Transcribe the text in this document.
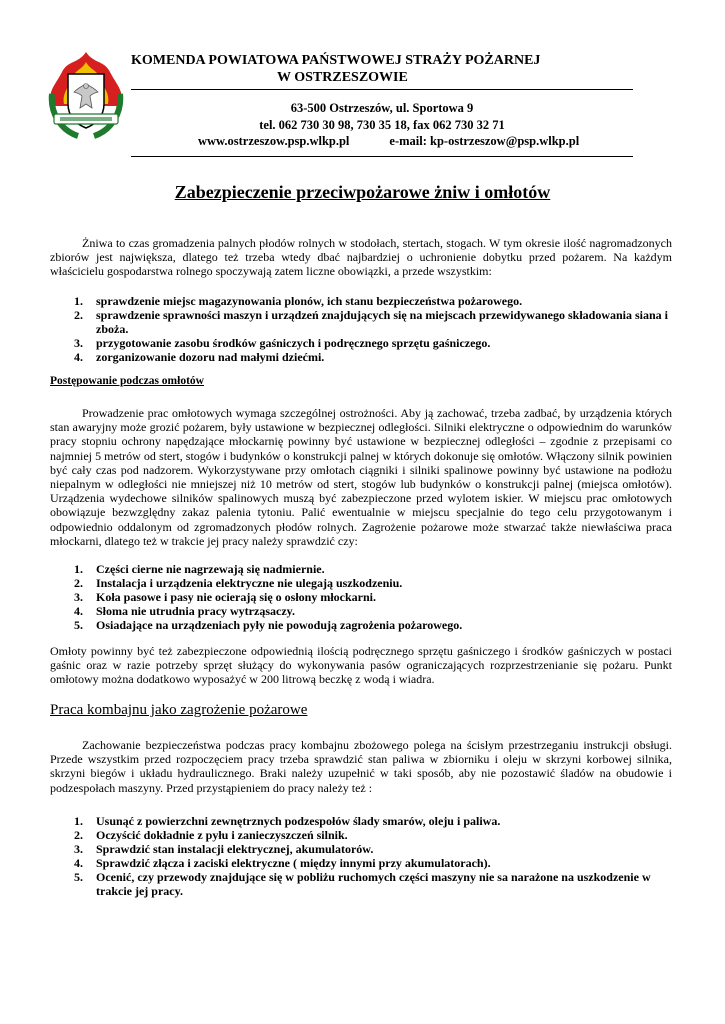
KOMENDA POWIATOWA PAŃSTWOWEJ STRAŻY POŻARNEJ
W OSTRZESZOWIE

63-500 Ostrzeszów, ul. Sportowa 9

tel. 062 730 30 98, 730 35 18, fax 062 730 32 71

www.ostrzeszow.psp.wlkp.pl	e-mail: kp-ostrzeszow@psp.wlkp.pl

Zabezpieczenie przeciwpożarowe żniw i omłotów

Żniwa to czas gromadzenia palnych płodów rolnych w stodołach, stertach, stogach. W tym okresie ilość nagromadzonych zbiorów jest największa, dlatego też trzeba wtedy dbać najbardziej o uchronienie dobytku przed pożarem. Na każdym właścicielu gospodarstwa rolnego spoczywają zatem liczne obowiązki, a przede wszystkim:

1. sprawdzenie miejsc magazynowania plonów, ich stanu bezpieczeństwa pożarowego.
2. sprawdzenie sprawności maszyn i urządzeń znajdujących się na miejscach przewidywanego składowania siana i zboża.
3. przygotowanie zasobu środków gaśniczych i podręcznego sprzętu gaśniczego.
4. zorganizowanie dozoru nad małymi dziećmi.
Postępowanie podczas omłotów

Prowadzenie prac omłotowych wymaga szczególnej ostrożności. Aby ją zachować, trzeba zadbać, by urządzenia których stan awaryjny może grozić pożarem, były ustawione w bezpiecznej odległości. Silniki elektryczne o odpowiednim do warunków pracy stopniu ochrony napędzające młockarnię powinny być ustawione w bezpiecznej odległości – zgodnie z przepisami co najmniej 5 metrów od stert, stogów i budynków o konstrukcji palnej w których dokonuje się omłotów. Włączony silnik powinien być cały czas pod nadzorem. Wykorzystywane przy omłotach ciągniki i silniki spalinowe powinny być ustawione na podłożu niepalnym w odległości nie mniejszej niż 10 metrów od stert, stogów lub budynków o konstrukcji palnej (miejsca omłotów). Urządzenia wydechowe silników spalinowych muszą być zabezpieczone przed wylotem iskier. W miejscu prac omłotowych obowiązuje bezwzględny zakaz palenia tytoniu. Palić ewentualnie w miejscu specjalnie do tego celu przygotowanym i odpowiednio oddalonym od zgromadzonych płodów rolnych. Zagrożenie pożarowe może stwarzać także niewłaściwa praca młockarni, dlatego też w trakcie jej pracy należy sprawdzić czy:

1. Części cierne nie nagrzewają się nadmiernie.
2. Instalacja i urządzenia elektryczne nie ulegają uszkodzeniu.
3. Koła pasowe i pasy nie ocierają się o osłony młockarni.
4. Słoma nie utrudnia pracy wytrząsaczy.
5. Osiadające na urządzeniach pyły nie powodują zagrożenia pożarowego.

Omłoty powinny być też zabezpieczone odpowiednią ilością podręcznego sprzętu gaśniczego i środków gaśniczych w postaci gaśnic oraz w razie potrzeby sprzęt służący do wykonywania pasów ograniczających rozprzestrzenianie się pożaru. Punkt omłotowy można dodatkowo wyposażyć w 200 litrową beczkę z wodą i wiadra.

Praca kombajnu jako zagrożenie pożarowe

Zachowanie bezpieczeństwa podczas pracy kombajnu zbożowego polega na ścisłym przestrzeganiu instrukcji obsługi. Przede wszystkim przed rozpoczęciem pracy trzeba sprawdzić stan paliwa w zbiorniku i oleju w skrzyni korbowej silnika, skrzyni biegów i układu hydraulicznego. Braki należy uzupełnić w taki sposób, aby nie pozostawić śladów na obudowie i podzespołach maszyny. Przed przystąpieniem do pracy należy też :

1. Usunąć z powierzchni zewnętrznych podzespołów ślady smarów, oleju i paliwa.
2. Oczyścić dokładnie z pyłu i zanieczyszczeń silnik.
3. Sprawdzić stan instalacji elektrycznej, akumulatorów.
4. Sprawdzić złącza i zaciski elektryczne ( między innymi przy akumulatorach).
5. Ocenić, czy przewody znajdujące się w pobliżu ruchomych części maszyny nie sa narażone na uszkodzenie w trakcie jej pracy.
